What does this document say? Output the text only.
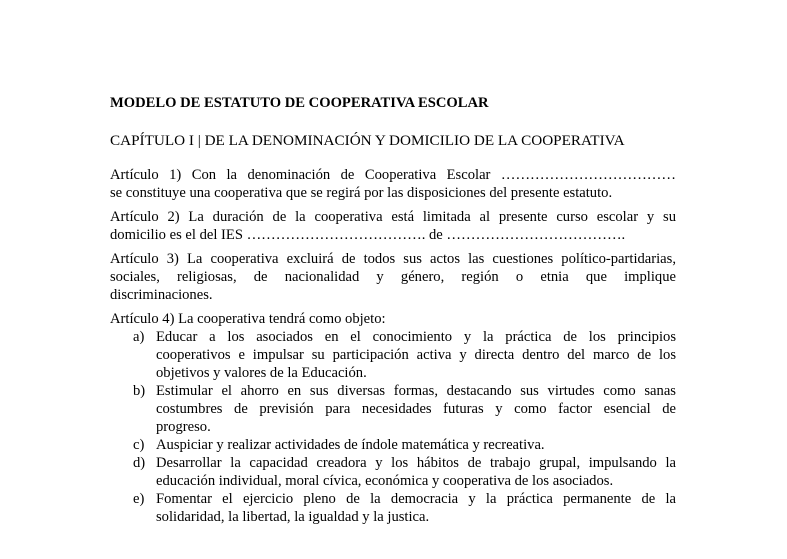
MODELO DE ESTATUTO DE COOPERATIVA ESCOLAR
CAPÍTULO I | DE LA DENOMINACIÓN Y DOMICILIO DE LA COOPERATIVA
Artículo 1) Con la denominación de Cooperativa Escolar ………………………………
se constituye una cooperativa que se regirá por las disposiciones del presente estatuto.
Artículo 2) La duración de la cooperativa está limitada al presente curso escolar y su
domicilio es el del IES ………………………………. de ……………………………….
Artículo 3) La cooperativa excluirá de todos sus actos las cuestiones político-partidarias,
sociales, religiosas, de nacionalidad y género, región o etnia que implique
discriminaciones.
Artículo 4) La cooperativa tendrá como objeto:
a) Educar a los asociados en el conocimiento y la práctica de los principios
cooperativos e impulsar su participación activa y directa dentro del marco de los
objetivos y valores de la Educación.
b) Estimular el ahorro en sus diversas formas, destacando sus virtudes como sanas
costumbres de previsión para necesidades futuras y como factor esencial de
progreso.
c) Auspiciar y realizar actividades de índole matemática y recreativa.
d) Desarrollar la capacidad creadora y los hábitos de trabajo grupal, impulsando la
educación individual, moral cívica, económica y cooperativa de los asociados.
e) Fomentar el ejercicio pleno de la democracia y la práctica permanente de la
solidaridad, la libertad, la igualdad y la justica.
